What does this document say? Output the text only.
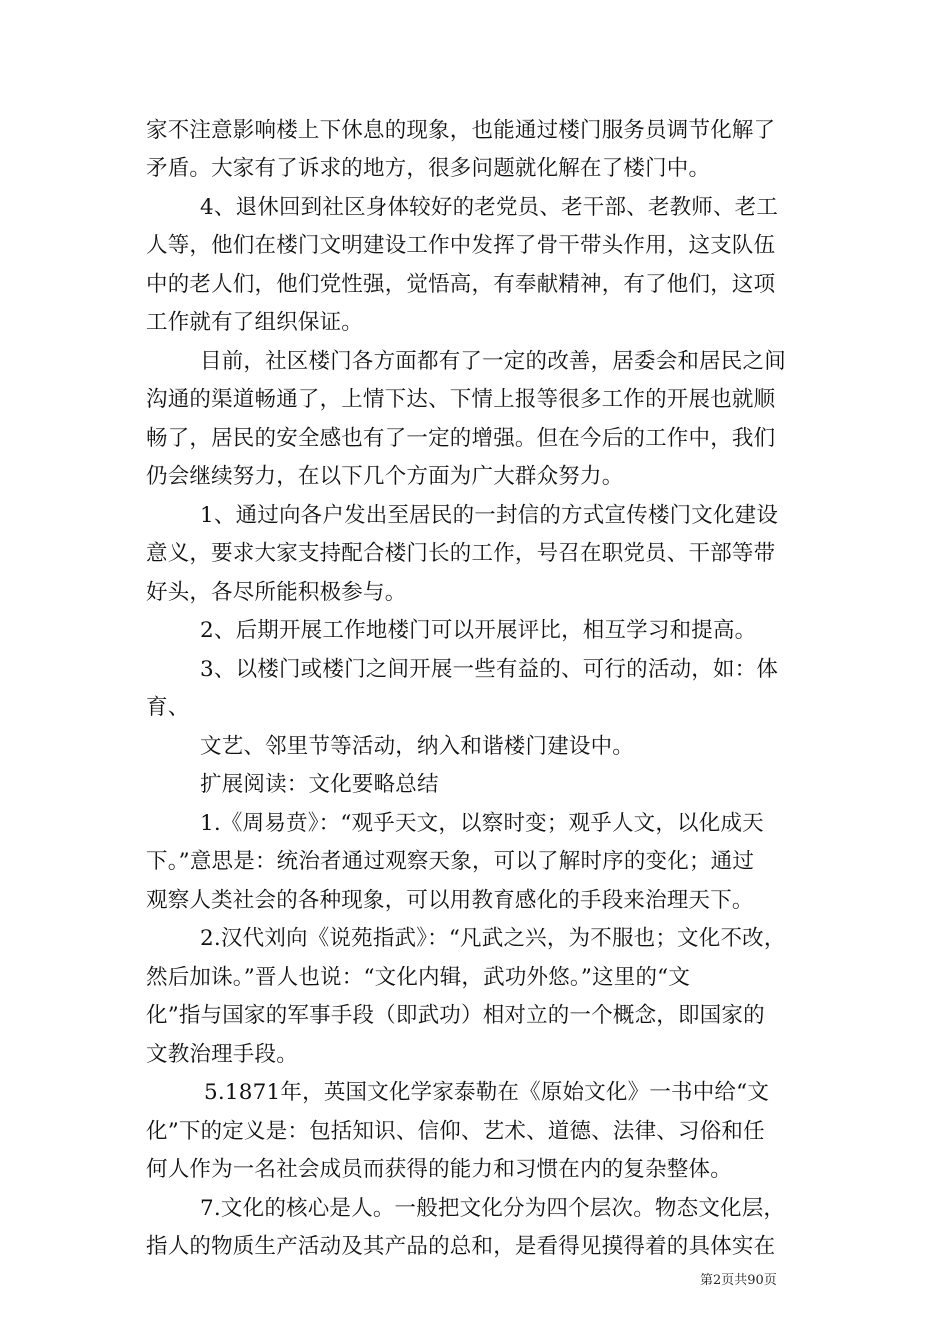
家不注意影响楼上下休息的现象，也能通过楼门服务员调节化解了
矛盾。大家有了诉求的地方，很多问题就化解在了楼门中。
4、退休回到社区身体较好的老党员、老干部、老教师、老工
人等，他们在楼门文明建设工作中发挥了骨干带头作用，这支队伍
中的老人们，他们党性强，觉悟高，有奉献精神，有了他们，这项
工作就有了组织保证。
目前，社区楼门各方面都有了一定的改善，居委会和居民之间
沟通的渠道畅通了，上情下达、下情上报等很多工作的开展也就顺
畅了，居民的安全感也有了一定的增强。但在今后的工作中，我们
仍会继续努力，在以下几个方面为广大群众努力。
1、通过向各户发出至居民的一封信的方式宣传楼门文化建设
意义，要求大家支持配合楼门长的工作，号召在职党员、干部等带
好头，各尽所能积极参与。
2、后期开展工作地楼门可以开展评比，相互学习和提高。
3、以楼门或楼门之间开展一些有益的、可行的活动，如：体
育、
文艺、邻里节等活动，纳入和谐楼门建设中。
扩展阅读：文化要略总结
1.《周易贲》：“观乎天文，以察时变；观乎人文，以化成天
下。”意思是：统治者通过观察天象，可以了解时序的变化；通过
观察人类社会的各种现象，可以用教育感化的手段来治理天下。
2.汉代刘向《说苑指武》：“凡武之兴，为不服也；文化不改，
然后加诛。”晋人也说：“文化内辑，武功外悠。”这里的“文
化”指与国家的军事手段（即武功）相对立的一个概念，即国家的
文教治理手段。
5.1871年，英国文化学家泰勒在《原始文化》一书中给“文
化”下的定义是：包括知识、信仰、艺术、道德、法律、习俗和任
何人作为一名社会成员而获得的能力和习惯在内的复杂整体。
7.文化的核心是人。一般把文化分为四个层次。物态文化层，
指人的物质生产活动及其产品的总和，是看得见摸得着的具体实在
第2页共90页
